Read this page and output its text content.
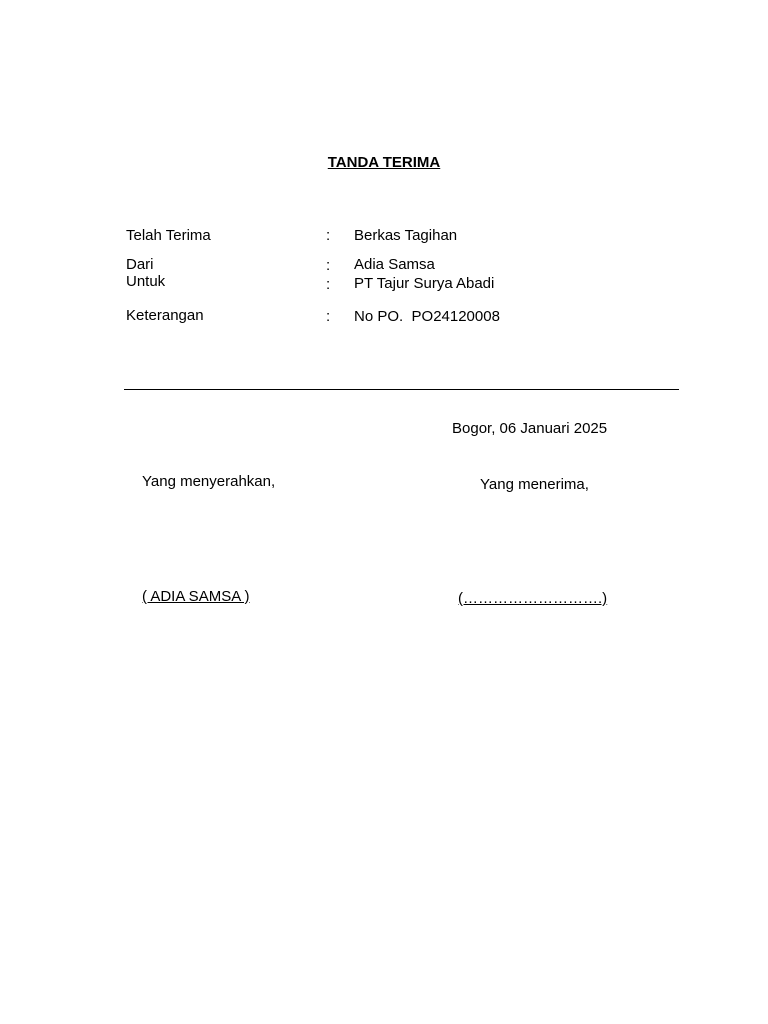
TANDA TERIMA
Telah Terima	: Berkas Tagihan
Dari	: Adia Samsa
Untuk	: PT Tajur Surya Abadi
Keterangan	: No PO.  PO24120008
Bogor, 06 Januari 2025
Yang menyerahkan,	Yang menerima,
( ADIA SAMSA )	(……………………….)
